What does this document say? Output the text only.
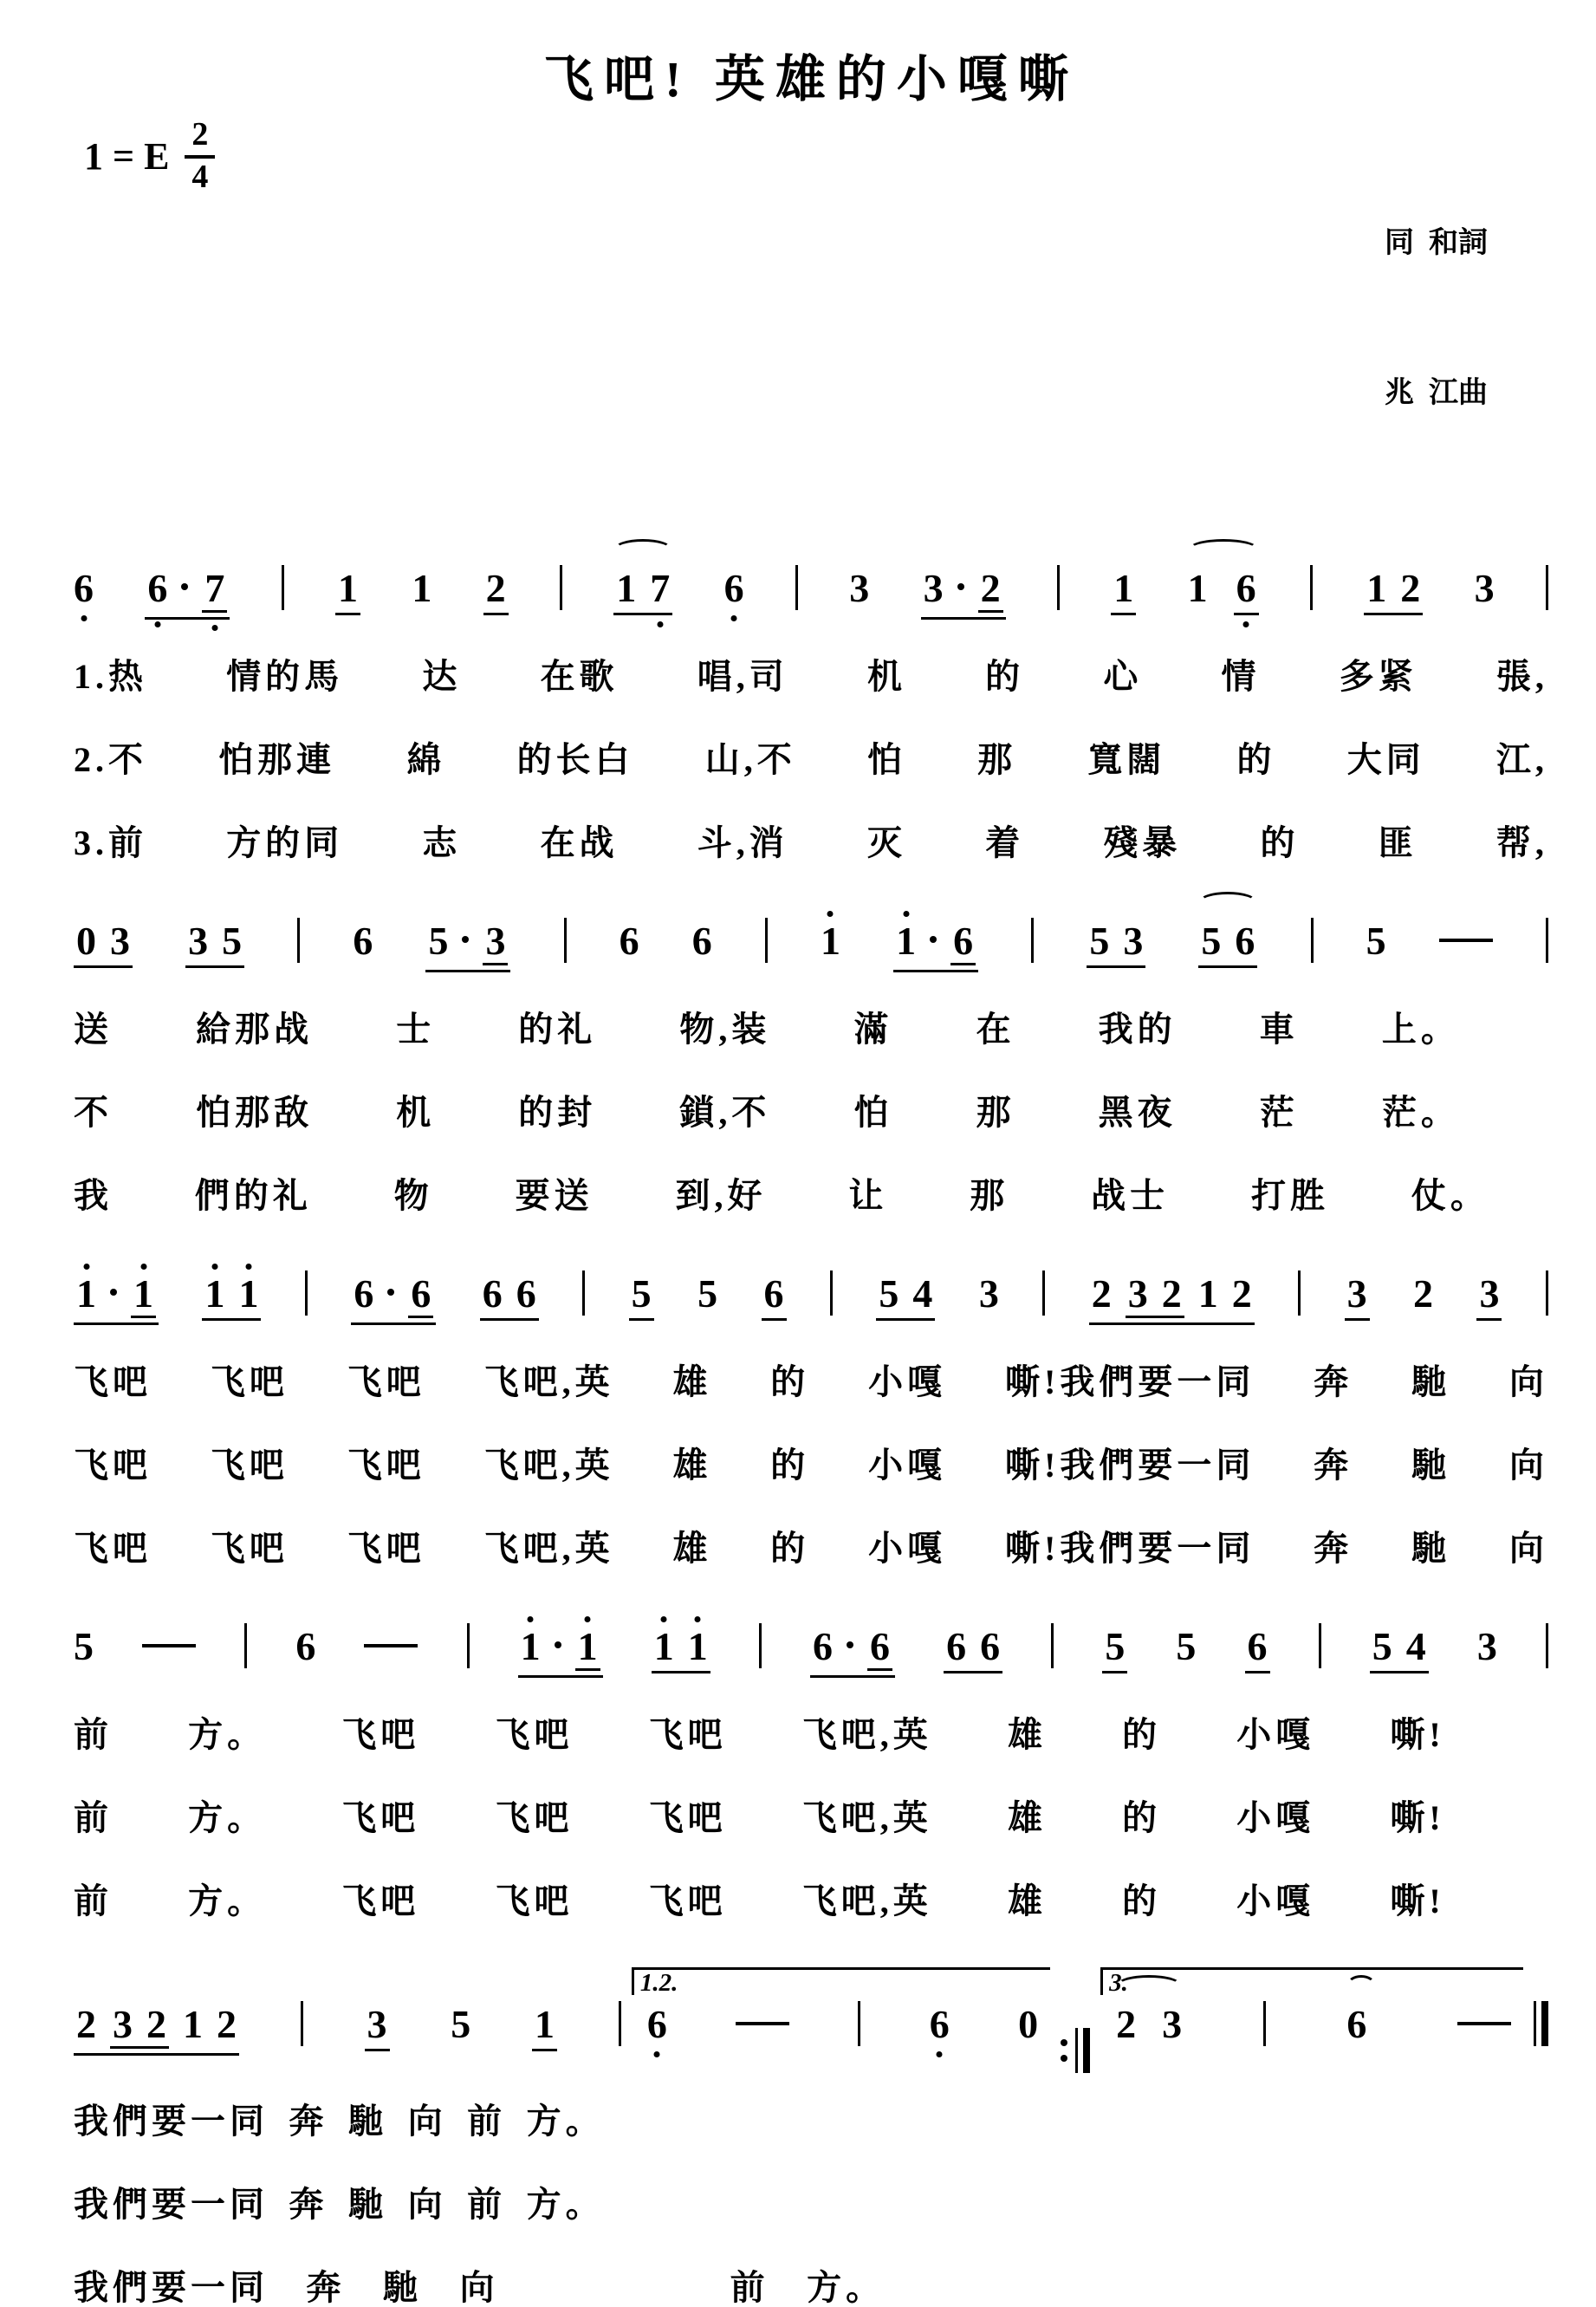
飞吧! 英雄的小嘎嘶
1 = E $\frac{2}{4}$

同  和詞

兆  江曲

6 6 7	1 1 2	1 7 6	3 3 2	1 1 6	1 2 3
1.热 情的馬 达 在歌 唱,司 机 的 心 情 多紧 張,
2.不 怕那連 綿 的长白 山,不 怕 那 寬闊 的 大同 江,
3.前 方的同 志 在战 斗,消 灭 着 殘暴 的 匪 帮,
0 3 3 5	6 5 3	6 6	1 1 6	5 3 5 6	5
送 給那战 士 的礼 物,装 滿 在 我的 車 上。
不 怕那敌 机 的封 鎖,不 怕 那 黑夜 茫 茫。
我 們的礼 物 要送 到,好 让 那 战士 打胜 仗。
1 1 1 1 6 6 6 6 5 5 6 5 4 3 2 3 2 1 2 3 2 3
飞吧 飞吧 飞吧 飞吧,英 雄 的 小嘎 嘶!我們要一同 奔 馳 向
飞吧 飞吧 飞吧 飞吧,英 雄 的 小嘎 嘶!我們要一同 奔 馳 向
飞吧 飞吧 飞吧 飞吧,英 雄 的 小嘎 嘶!我們要一同 奔 馳 向
5	6	1 1 1 1	6 6 6 6	5 5 6	5 4 3
前 方。 飞吧 飞吧 飞吧 飞吧,英 雄 的 小嘎 嘶!
前 方。 飞吧 飞吧 飞吧 飞吧,英 雄 的 小嘎 嘶!
前 方。 飞吧 飞吧 飞吧 飞吧,英 雄 的 小嘎 嘶!
2 3 2 1 2	3 5 1
1.2.
6	6 0
3.
2 3	6
我們要一同 奔 馳 向 前 方。
我們要一同 奔 馳 向 前 方。
我們要一同 奔 馳 向	前 方。
